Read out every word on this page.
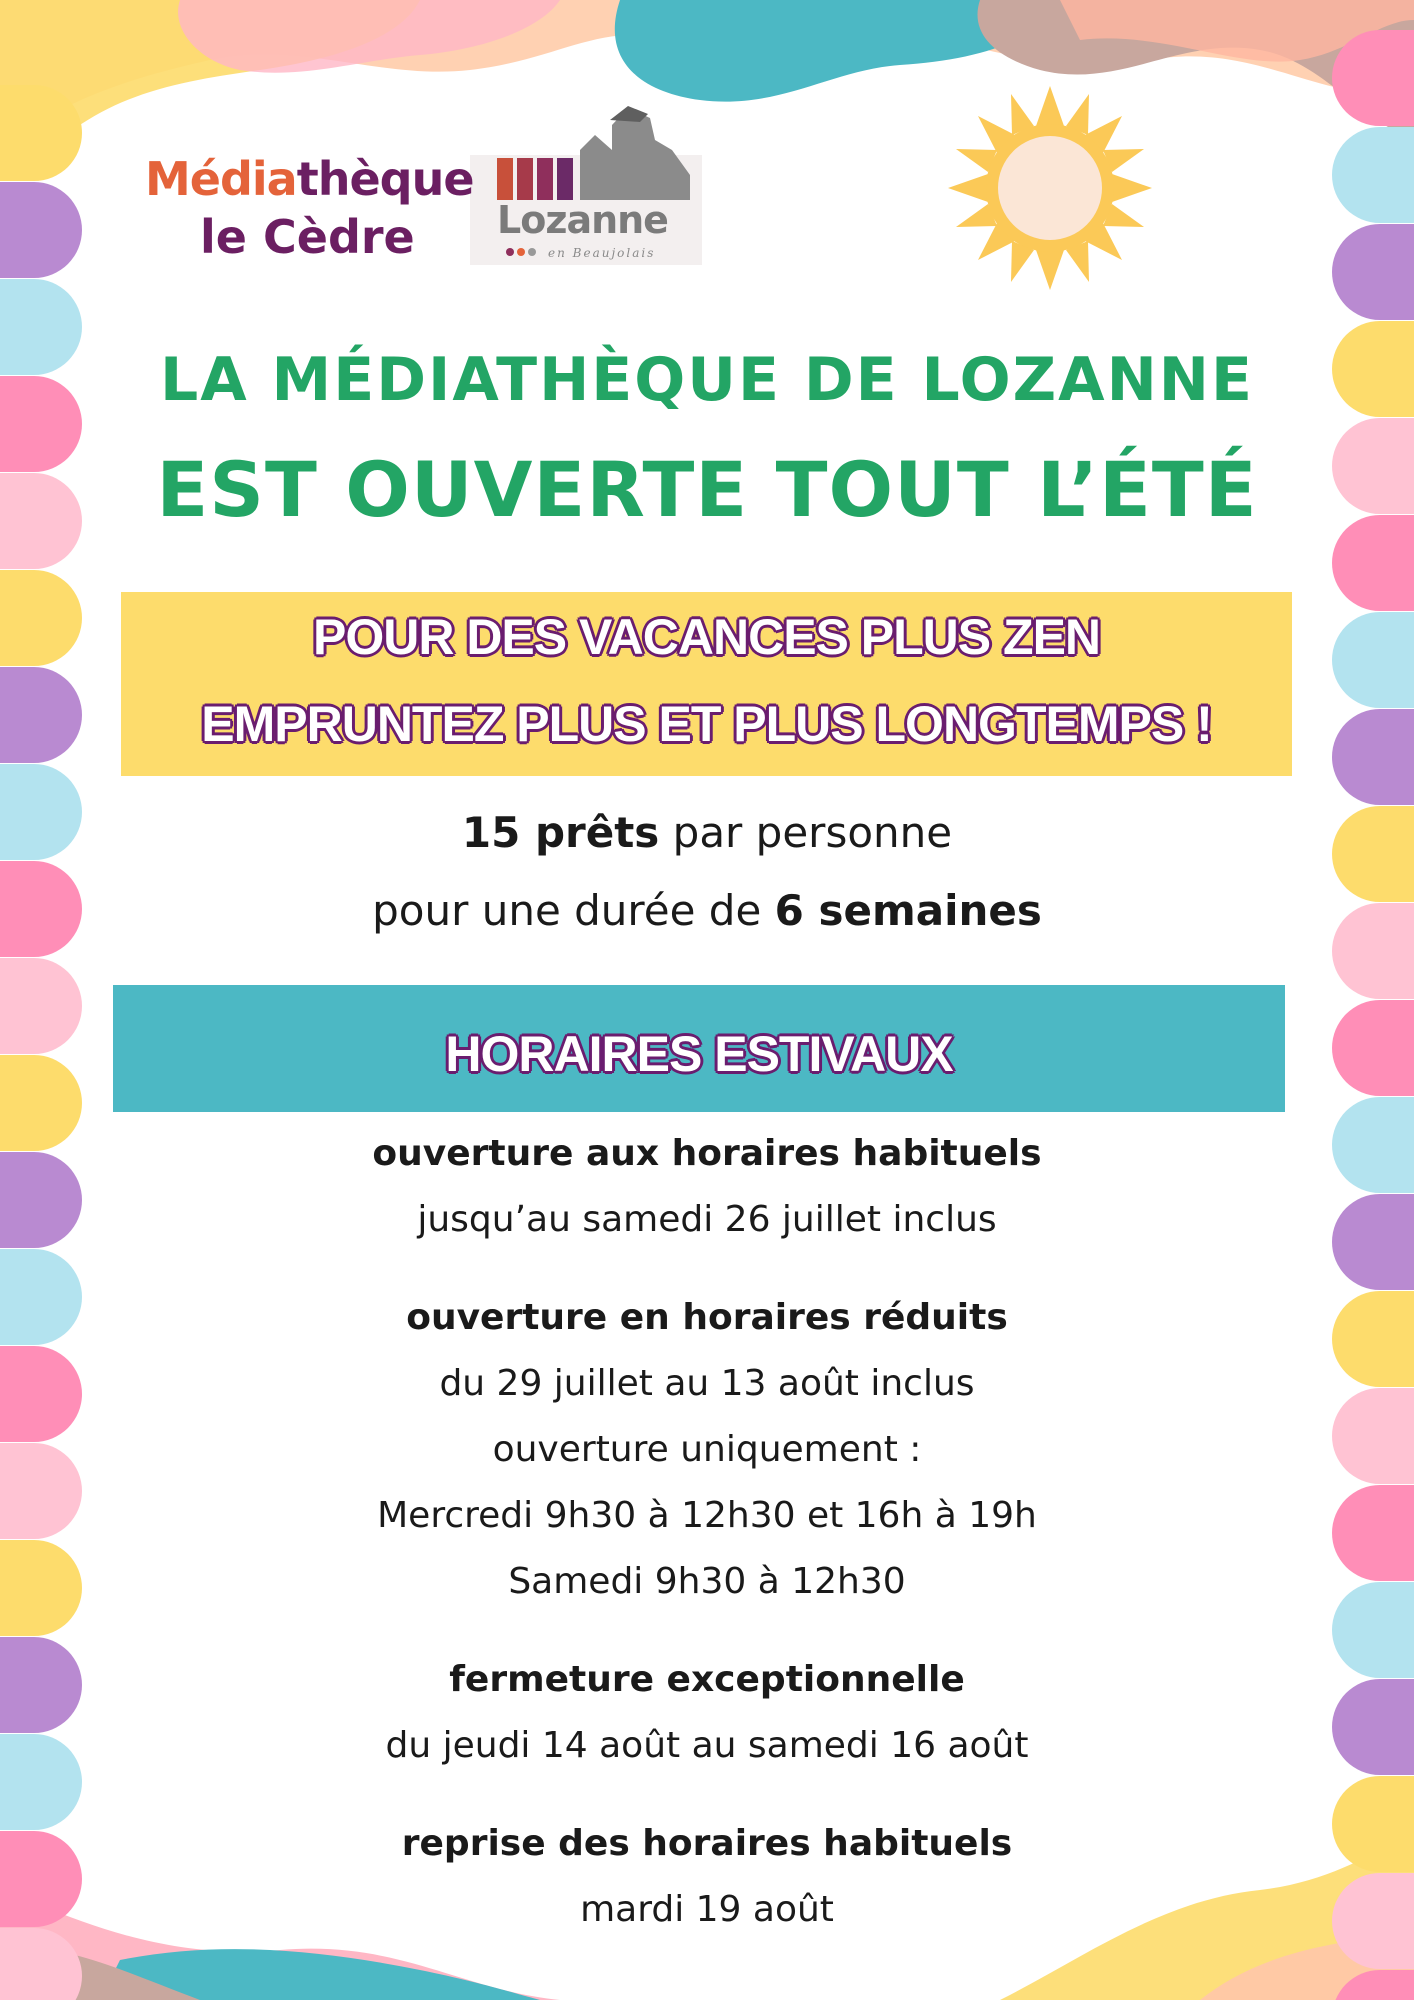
Médiathèque
le Cèdre	Lozanne
en Beaujolais
LA MÉDIATHÈQUE DE LOZANNE
EST OUVERTE TOUT L’ÉTÉ
POUR DES VACANCES PLUS ZEN
EMPRUNTEZ PLUS ET PLUS LONGTEMPS !
15 prêts par personne
pour une durée de 6 semaines
HORAIRES ESTIVAUX
ouverture aux horaires habituels
jusqu’au samedi 26 juillet inclus
ouverture en horaires réduits
du 29 juillet au 13 août inclus
ouverture uniquement :
Mercredi 9h30 à 12h30 et 16h à 19h
Samedi 9h30 à 12h30
fermeture exceptionnelle
du jeudi 14 août au samedi 16 août
reprise des horaires habituels
mardi 19 août
